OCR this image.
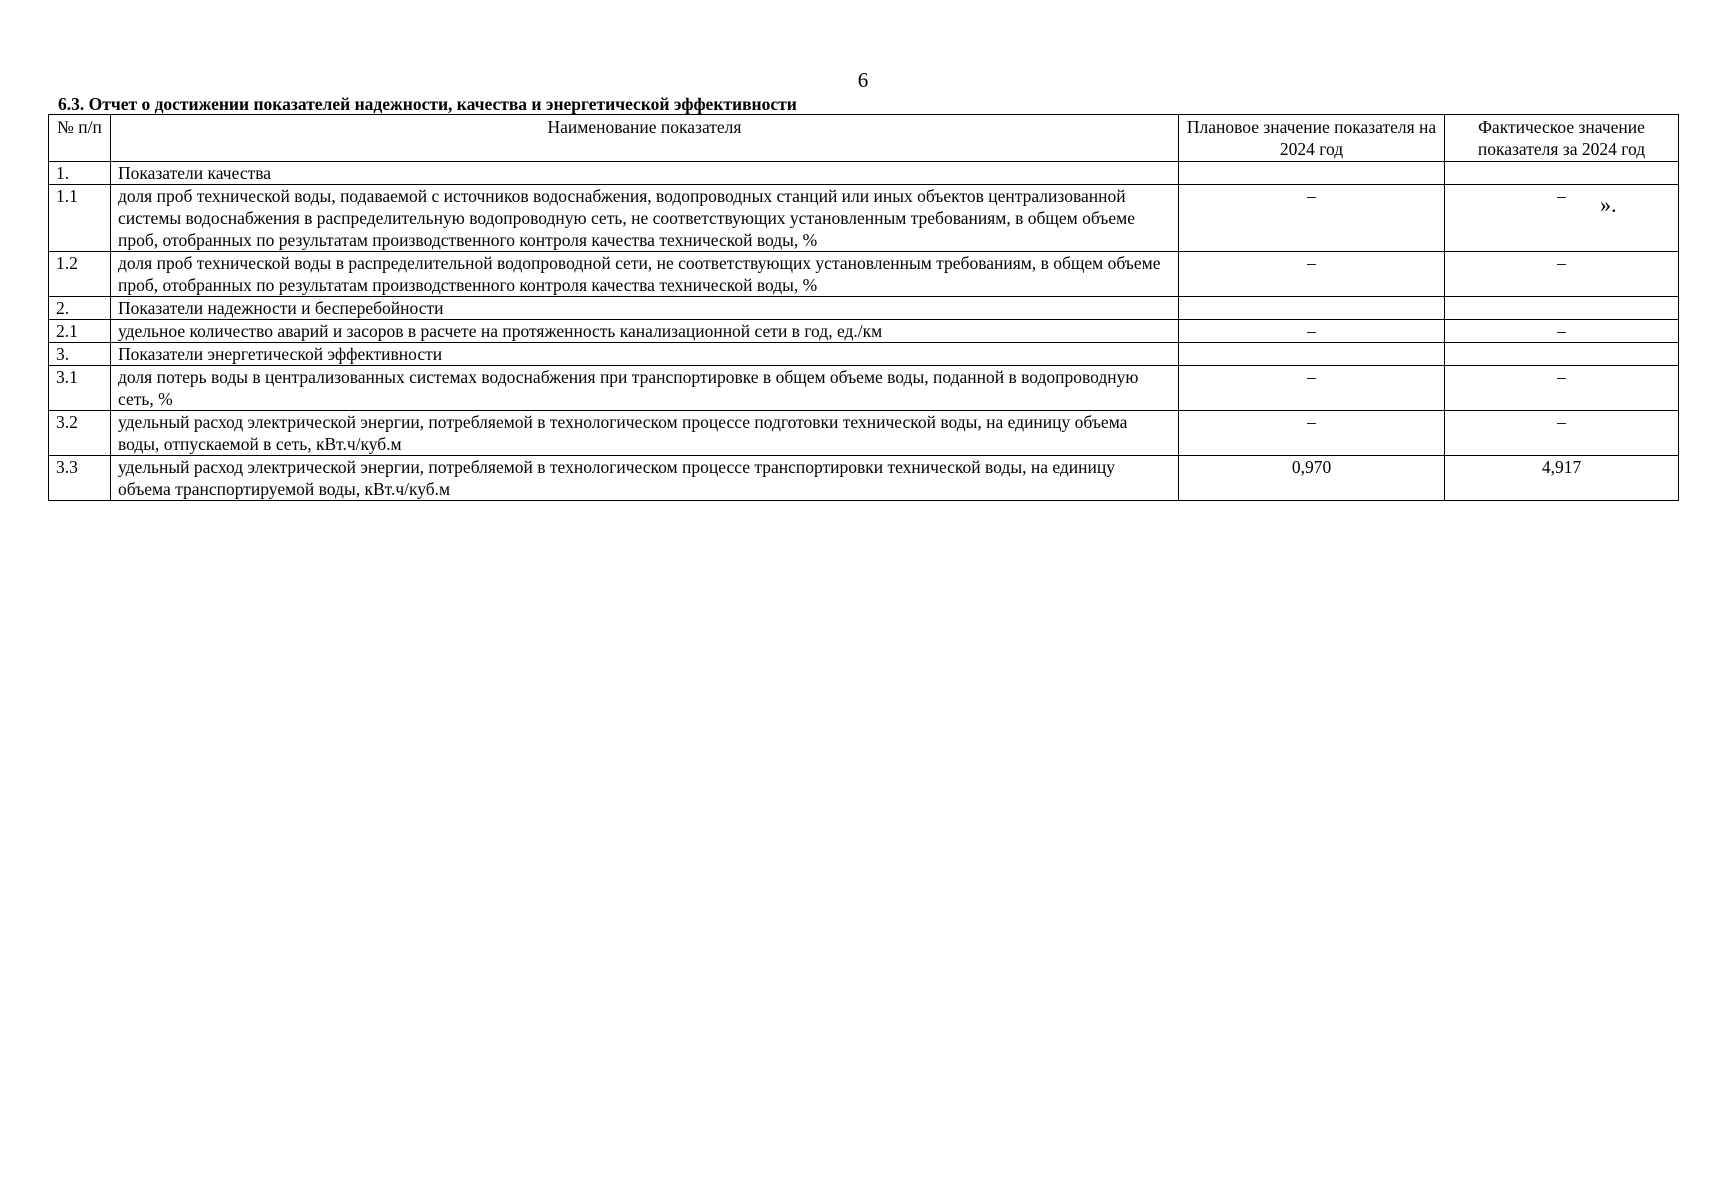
6
6.3. Отчет о достижении показателей надежности, качества и энергетической эффективности
№ п/п	Наименование показателя	Плановое значение показателя на 2024 год	Фактическое значение показателя за 2024 год
1.	Показатели качества		
1.1	доля проб технической воды, подаваемой с источников водоснабжения, водопроводных станций или иных объектов централизованной системы водоснабжения в распределительную водопроводную сеть, не соответствующих установленным требованиям, в общем объеме проб, отобранных по результатам производственного контроля качества технической воды, %	–	–
1.2	доля проб технической воды в распределительной водопроводной сети, не соответствующих установленным требованиям, в общем объеме проб, отобранных по результатам производственного контроля качества технической воды, %	–	–
2.	Показатели надежности и бесперебойности		
2.1	удельное количество аварий и засоров в расчете на протяженность канализационной сети в год, ед./км	–	–
3.	Показатели энергетической эффективности		
3.1	доля потерь воды в централизованных системах водоснабжения при транспортировке в общем объеме воды, поданной в водопроводную сеть, %	–	–
3.2	удельный расход электрической энергии, потребляемой в технологическом процессе подготовки технической воды, на единицу объема воды, отпускаемой в сеть, кВт.ч/куб.м	–	–
3.3	удельный расход электрической энергии, потребляемой в технологическом процессе транспортировки технической воды, на единицу объема транспортируемой воды, кВт.ч/куб.м	0,970	4,917
».
